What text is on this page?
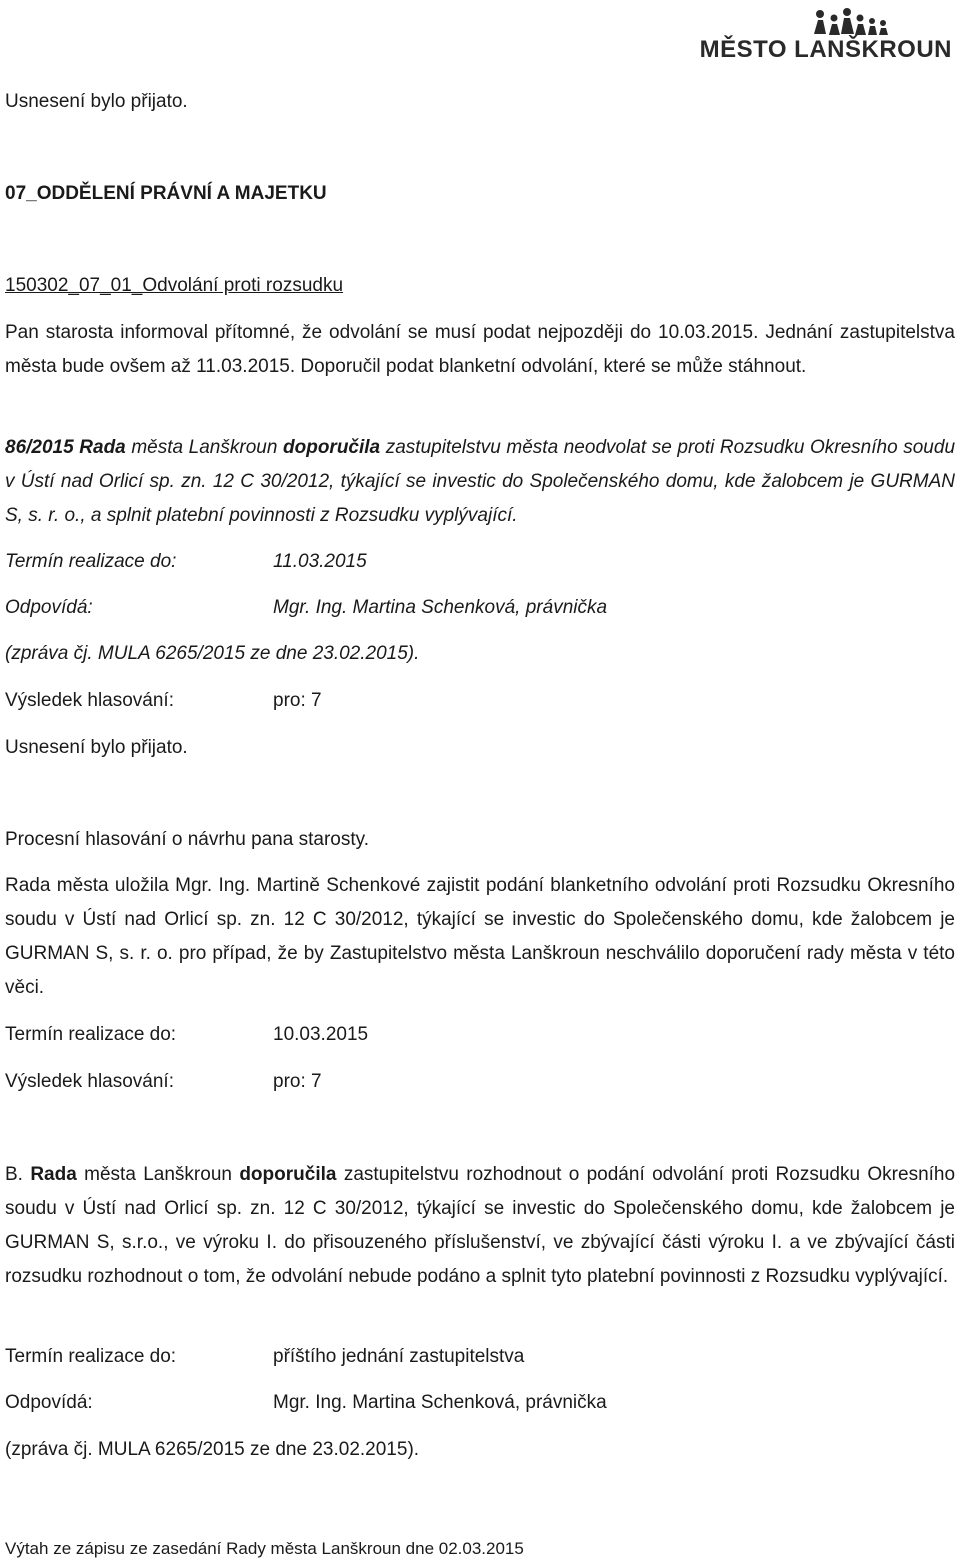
MĚSTO LANŠKROUN

Usnesení bylo přijato.

07_ODDĚLENÍ PRÁVNÍ A MAJETKU

150302_07_01_Odvolání proti rozsudku

Pan starosta informoval přítomné, že odvolání se musí podat nejpozději do 10.03.2015. Jednání zastupitelstva města bude ovšem až 11.03.2015. Doporučil podat blanketní odvolání, které se může stáhnout.

86/2015 Rada města Lanškroun doporučila zastupitelstvu města neodvolat se proti Rozsudku Okresního soudu v Ústí nad Orlicí sp. zn. 12 C 30/2012, týkající se investic do Společenského domu, kde žalobcem je GURMAN S, s. r. o., a splnit platební povinnosti z Rozsudku vyplývající.

Termín realizace do:	11.03.2015

Odpovídá:	Mgr. Ing. Martina Schenková, právnička

(zpráva čj. MULA 6265/2015 ze dne 23.02.2015).

Výsledek hlasování:	pro: 7

Usnesení bylo přijato.

Procesní hlasování o návrhu pana starosty.

Rada města uložila Mgr. Ing. Martině Schenkové zajistit podání blanketního odvolání proti Rozsudku Okresního soudu v Ústí nad Orlicí sp. zn. 12 C 30/2012, týkající se investic do Společenského domu, kde žalobcem je GURMAN S, s. r. o. pro případ, že by Zastupitelstvo města Lanškroun neschválilo doporučení rady města v této věci.

Termín realizace do:	10.03.2015

Výsledek hlasování:	pro: 7

B. Rada města Lanškroun doporučila zastupitelstvu rozhodnout o podání odvolání proti Rozsudku Okresního soudu v Ústí nad Orlicí sp. zn. 12 C 30/2012, týkající se investic do Společenského domu, kde žalobcem je GURMAN S, s.r.o., ve výroku I. do přisouzeného příslušenství, ve zbývající části výroku I. a ve zbývající části rozsudku rozhodnout o tom, že odvolání nebude podáno a splnit tyto platební povinnosti z Rozsudku vyplývající.

Termín realizace do:	příštího jednání zastupitelstva

Odpovídá:	Mgr. Ing. Martina Schenková, právnička

(zpráva čj. MULA 6265/2015 ze dne 23.02.2015).

Výtah ze zápisu ze zasedání Rady města Lanškroun dne 02.03.2015
